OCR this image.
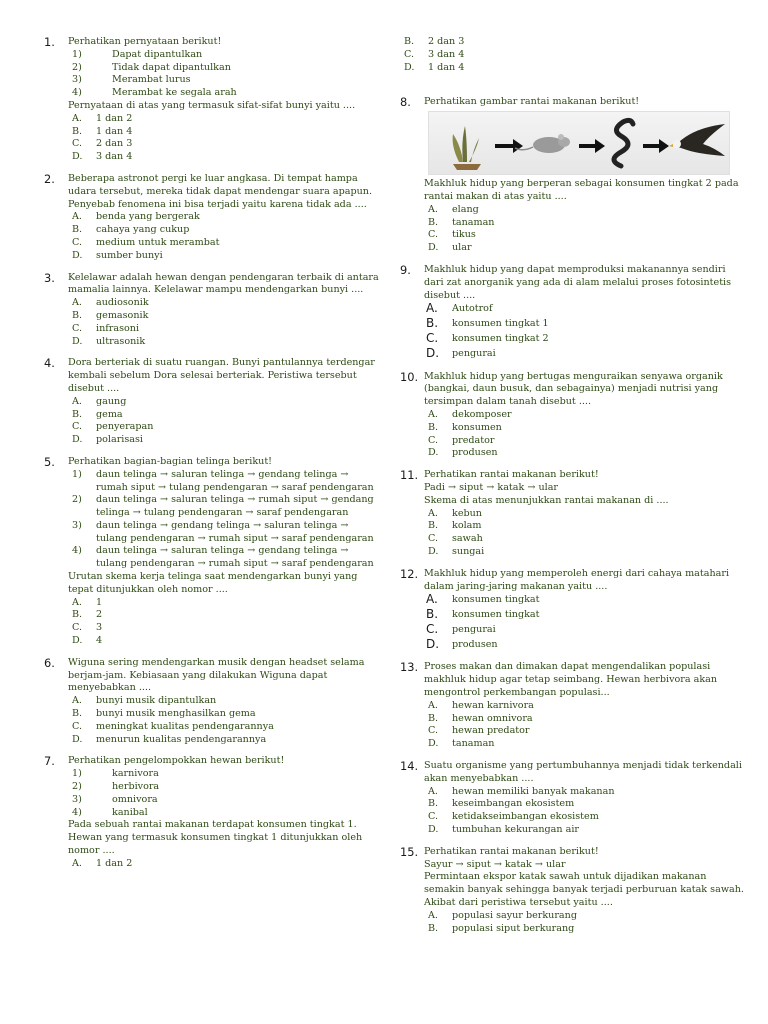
1. Perhatikan pernyataan berikut!
1)	Dapat dipantulkan
2)	Tidak dapat dipantulkan
3)	Merambat lurus
4)	Merambat ke segala arah
Pernyataan di atas yang termasuk sifat-sifat bunyi yaitu ....
A. 1 dan 2
B. 1 dan 4
C. 2 dan 3
D. 3 dan 4
2. Beberapa astronot pergi ke luar angkasa. Di tempat hampa udara tersebut, mereka tidak dapat mendengar suara apapun. Penyebab fenomena ini bisa terjadi yaitu karena tidak ada ....
A. benda yang bergerak
B. cahaya yang cukup
C. medium untuk merambat
D. sumber bunyi
3. Kelelawar adalah hewan dengan pendengaran terbaik di antara mamalia lainnya. Kelelawar mampu mendengarkan bunyi ....
A. audiosonik
B. gemasonik
C. infrasoni
D. ultrasonik
4. Dora berteriak di suatu ruangan. Bunyi pantulannya terdengar kembali sebelum Dora selesai berteriak. Peristiwa tersebut disebut ....
A. gaung
B. gema
C. penyerapan
D. polarisasi
5. Perhatikan bagian-bagian telinga berikut!
1) daun telinga → saluran telinga → gendang telinga → rumah siput → tulang pendengaran → saraf pendengaran
2) daun telinga → saluran telinga → rumah siput → gendang telinga → tulang pendengaran → saraf pendengaran
3) daun telinga → gendang telinga → saluran telinga → tulang pendengaran → rumah siput → saraf pendengaran
4) daun telinga → saluran telinga → gendang telinga → tulang pendengaran → rumah siput → saraf pendengaran
Urutan skema kerja telinga saat mendengarkan bunyi yang tepat ditunjukkan oleh nomor ....
A. 1
B. 2
C. 3
D. 4
6. Wiguna sering mendengarkan musik dengan headset selama berjam-jam. Kebiasaan yang dilakukan Wiguna dapat menyebabkan ....
A. bunyi musik dipantulkan
B. bunyi musik menghasilkan gema
C. meningkat kualitas pendengarannya
D. menurun kualitas pendengarannya
7. Perhatikan pengelompokkan hewan berikut!
1)	karnivora
2)	herbivora
3)	omnivora
4)	kanibal
Pada sebuah rantai makanan terdapat konsumen tingkat 1. Hewan yang termasuk konsumen tingkat 1 ditunjukkan oleh nomor ....
A. 1 dan 2
B. 2 dan 3
C. 3 dan 4
D. 1 dan 4
8. Perhatikan gambar rantai makanan berikut!
Makhluk hidup yang berperan sebagai konsumen tingkat 2 pada rantai makan di atas yaitu ....
A. elang
B. tanaman
C. tikus
D. ular
9. Makhluk hidup yang dapat memproduksi makanannya sendiri dari zat anorganik yang ada di alam melalui proses fotosintetis disebut ....
A. Autotrof
B. konsumen tingkat 1
C. konsumen tingkat 2
D. pengurai
10. Makhluk hidup yang bertugas menguraikan senyawa organik (bangkai, daun busuk, dan sebagainya) menjadi nutrisi yang tersimpan dalam tanah disebut ....
A. dekomposer
B. konsumen
C. predator
D. produsen
11. Perhatikan rantai makanan berikut!
Padi → siput → katak → ular
Skema di atas menunjukkan rantai makanan di ....
A. kebun
B. kolam
C. sawah
D. sungai
12. Makhluk hidup yang memperoleh energi dari cahaya matahari dalam jaring-jaring makanan yaitu ....
A. konsumen tingkat
B. konsumen tingkat
C. pengurai
D. produsen
13. Proses makan dan dimakan dapat mengendalikan populasi makhluk hidup agar tetap seimbang. Hewan herbivora akan mengontrol perkembangan populasi...
A. hewan karnivora
B. hewan omnivora
C. hewan predator
D. tanaman
14. Suatu organisme yang pertumbuhannya menjadi tidak terkendali akan menyebabkan ....
A. hewan memiliki banyak makanan
B. keseimbangan ekosistem
C. ketidakseimbangan ekosistem
D. tumbuhan kekurangan air
15. Perhatikan rantai makanan berikut!
Sayur → siput → katak → ular
Permintaan ekspor katak sawah untuk dijadikan makanan semakin banyak sehingga banyak terjadi perburuan katak sawah. Akibat dari peristiwa tersebut yaitu ....
A. populasi sayur berkurang
B. populasi siput berkurang
